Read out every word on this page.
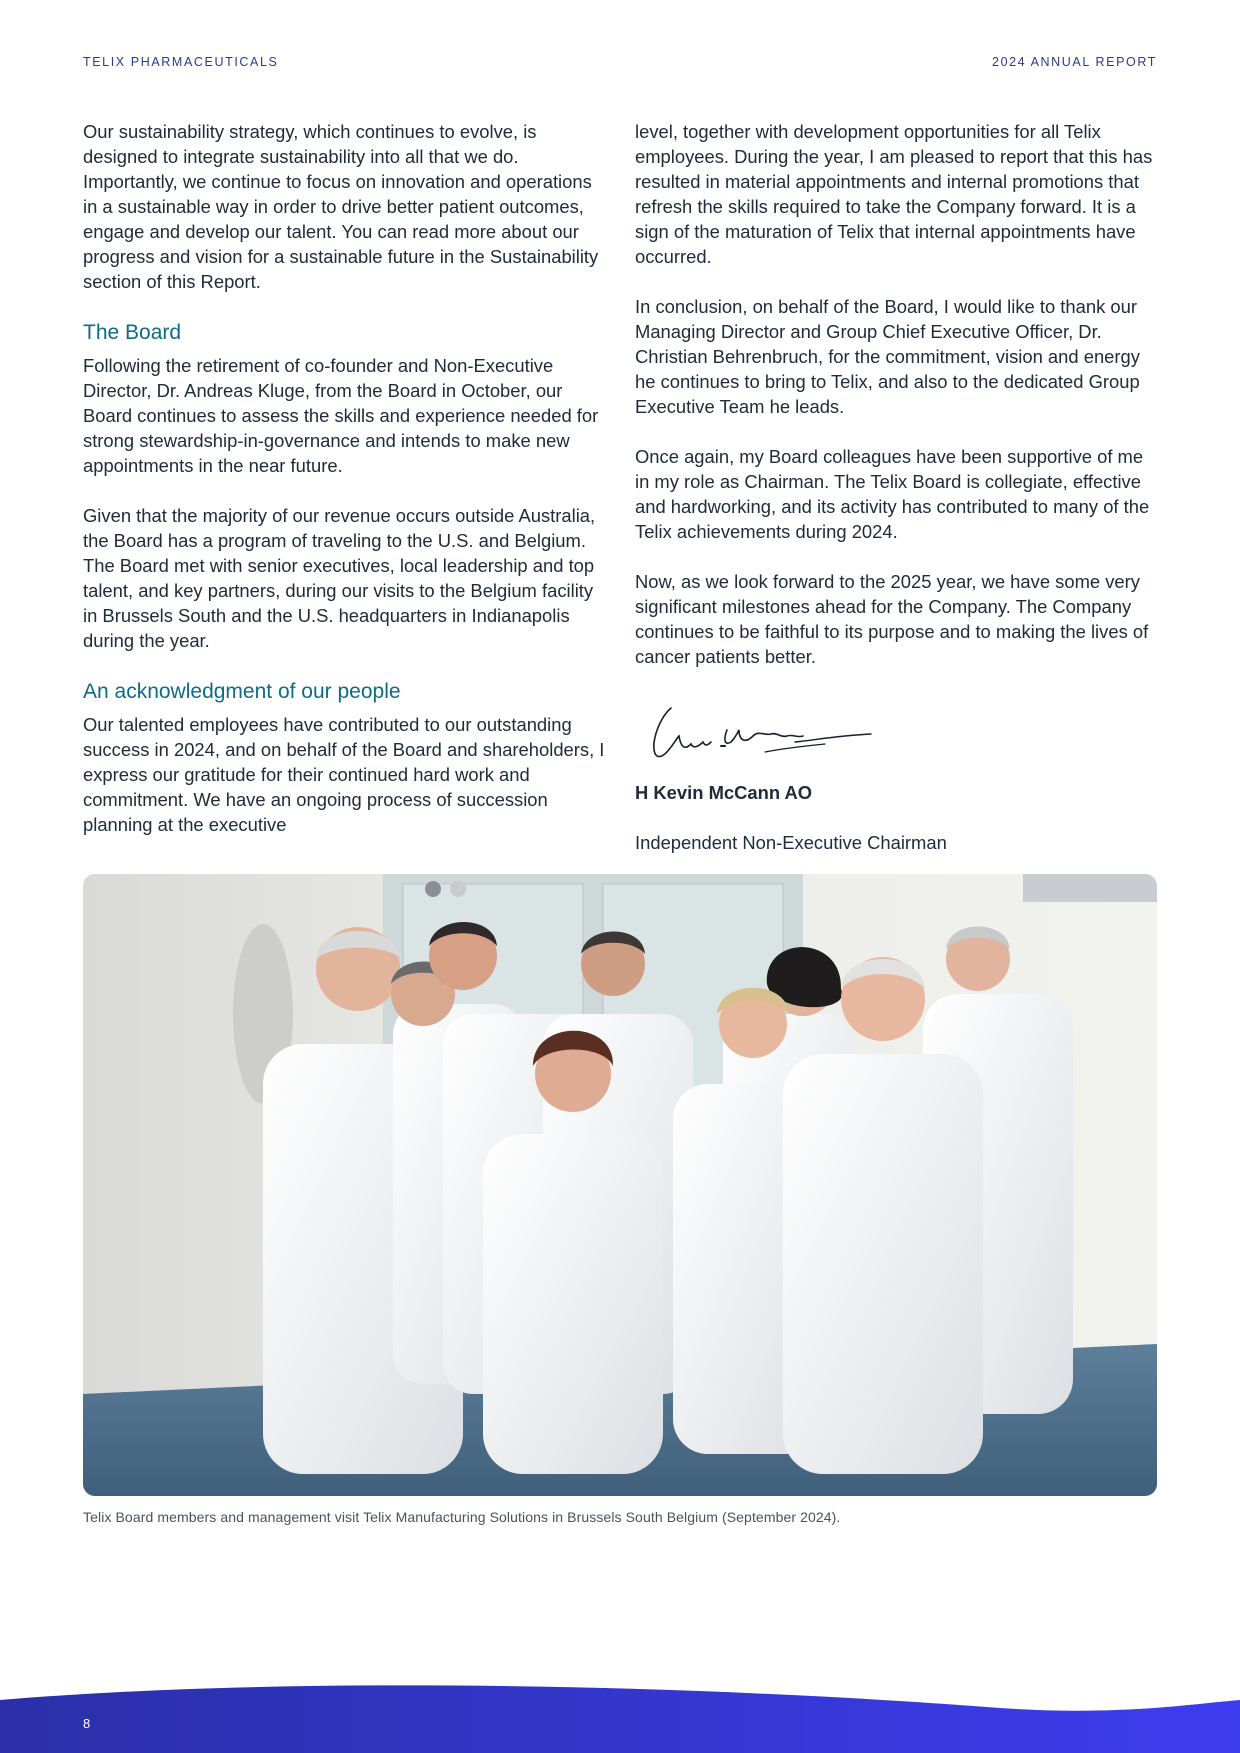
TELIX PHARMACEUTICALS	2024 ANNUAL REPORT

Our sustainability strategy, which continues to evolve, is designed to integrate sustainability into all that we do. Importantly, we continue to focus on innovation and operations in a sustainable way in order to drive better patient outcomes, engage and develop our talent. You can read more about our progress and vision for a sustainable future in the Sustainability section of this Report.

The Board

Following the retirement of co-founder and Non-Executive Director, Dr. Andreas Kluge, from the Board in October, our Board continues to assess the skills and experience needed for strong stewardship-in-governance and intends to make new appointments in the near future.

Given that the majority of our revenue occurs outside Australia, the Board has a program of traveling to the U.S. and Belgium. The Board met with senior executives, local leadership and top talent, and key partners, during our visits to the Belgium facility in Brussels South and the U.S. headquarters in Indianapolis during the year.

An acknowledgment of our people

Our talented employees have contributed to our outstanding success in 2024, and on behalf of the Board and shareholders, I express our gratitude for their continued hard work and commitment. We have an ongoing process of succession planning at the executive

level, together with development opportunities for all Telix employees. During the year, I am pleased to report that this has resulted in material appointments and internal promotions that refresh the skills required to take the Company forward. It is a sign of the maturation of Telix that internal appointments have occurred.

In conclusion, on behalf of the Board, I would like to thank our Managing Director and Group Chief Executive Officer, Dr. Christian Behrenbruch, for the commitment, vision and energy he continues to bring to Telix, and also to the dedicated Group Executive Team he leads.

Once again, my Board colleagues have been supportive of me in my role as Chairman. The Telix Board is collegiate, effective and hardworking, and its activity has contributed to many of the Telix achievements during 2024.

Now, as we look forward to the 2025 year, we have some very significant milestones ahead for the Company. The Company continues to be faithful to its purpose and to making the lives of cancer patients better.

H Kevin McCann AO

Independent Non-Executive Chairman

Telix Board members and management visit Telix Manufacturing Solutions in Brussels South Belgium (September 2024).
8
